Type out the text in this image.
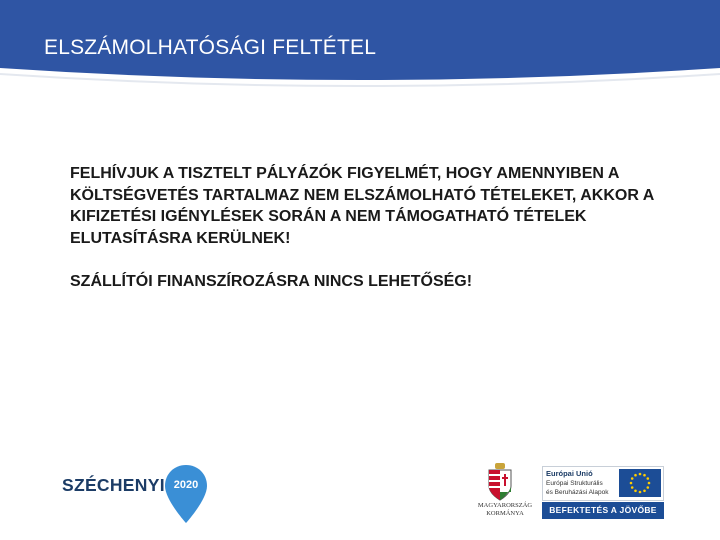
ELSZÁMOLHATÓSÁGI FELTÉTEL

FELHÍVJUK A TISZTELT PÁLYÁZÓK FIGYELMÉT, HOGY AMENNYIBEN A KÖLTSÉGVETÉS TARTALMAZ NEM ELSZÁMOLHATÓ TÉTELEKET, AKKOR A KIFIZETÉSI IGÉNYLÉSEK SORÁN A NEM TÁMOGATHATÓ TÉTELEK ELUTASÍTÁSRA KERÜLNEK!

SZÁLLÍTÓI FINANSZÍROZÁSRA NINCS LEHETŐSÉG!

SZÉCHENYI 2020
MAGYARORSZÁG
KORMÁNYA
Európai Unió
Európai Strukturális
és Beruházási Alapok
BEFEKTETÉS A JÖVŐBE
